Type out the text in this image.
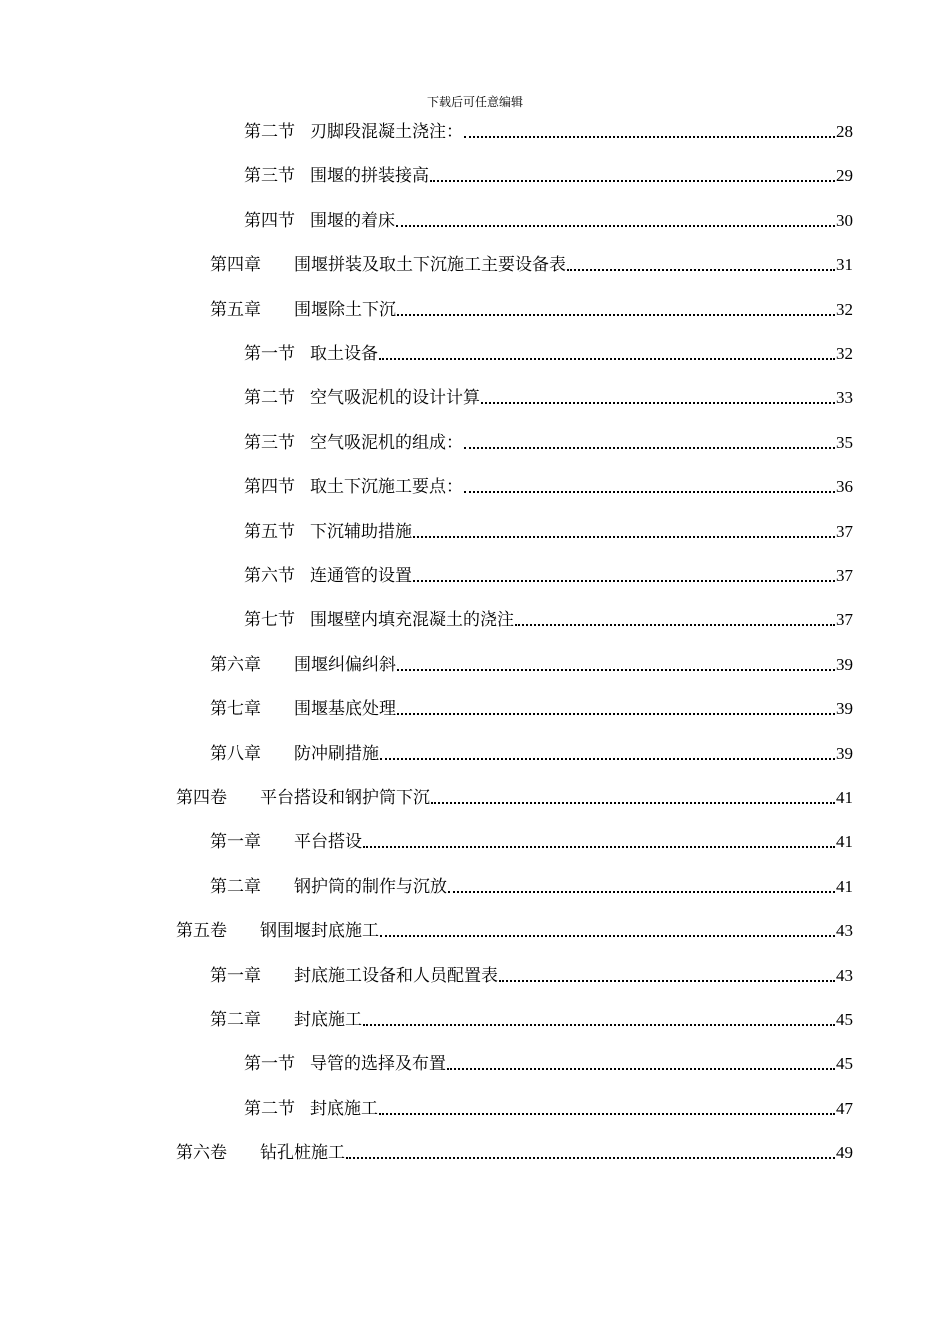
下载后可任意编辑
第二节 刃脚段混凝土浇注：	28
第三节 围堰的拼装接高	29
第四节 围堰的着床	30
第四章	围堰拼装及取土下沉施工主要设备表	31
第五章	围堰除土下沉	32
第一节 取土设备	32
第二节 空气吸泥机的设计计算	33
第三节 空气吸泥机的组成：	35
第四节 取土下沉施工要点：	36
第五节 下沉辅助措施	37
第六节 连通管的设置	37
第七节 围堰壁内填充混凝土的浇注	37
第六章	围堰纠偏纠斜	39
第七章	围堰基底处理	39
第八章	防冲刷措施	39
第四卷	平台搭设和钢护筒下沉	41
第一章	平台搭设	41
第二章	钢护筒的制作与沉放	41
第五卷	钢围堰封底施工	43
第一章	封底施工设备和人员配置表	43
第二章	封底施工	45
第一节 导管的选择及布置	45
第二节 封底施工	47
第六卷	钻孔桩施工	49
